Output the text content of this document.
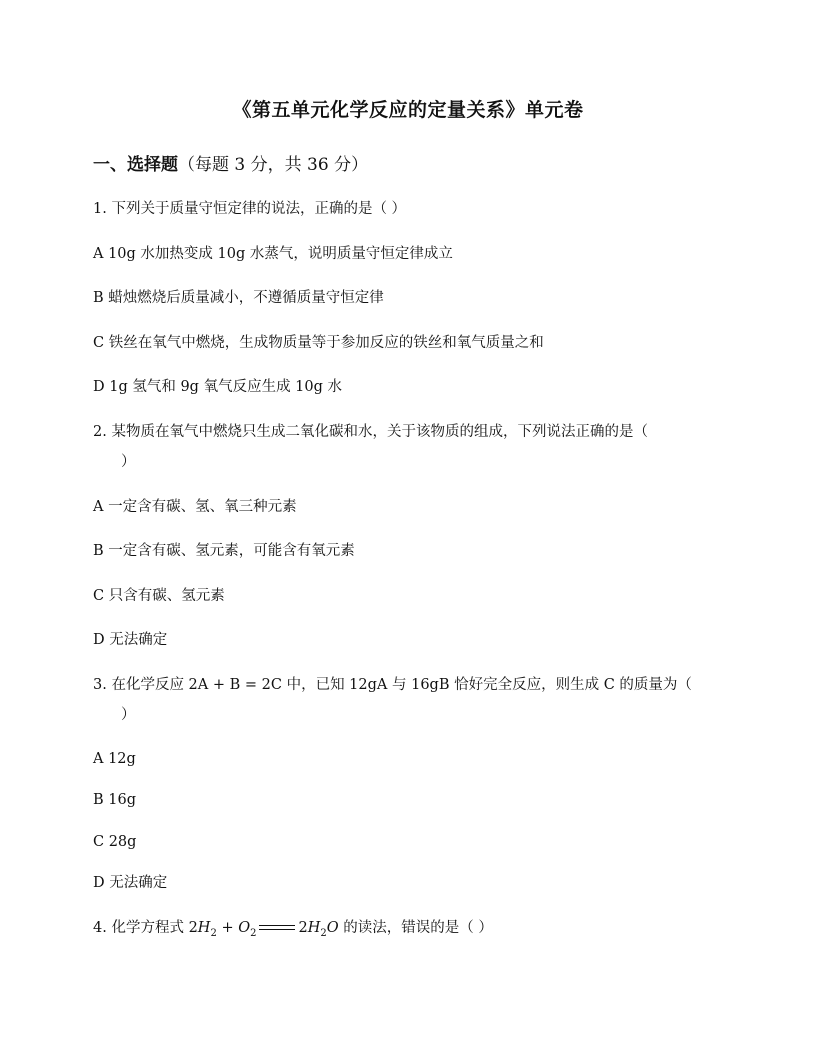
《第五单元化学反应的定量关系》单元卷
一、选择题（每题 3 分，共 36 分）
1. 下列关于质量守恒定律的说法，正确的是（ ）
A 10g 水加热变成 10g 水蒸气，说明质量守恒定律成立
B 蜡烛燃烧后质量减小，不遵循质量守恒定律
C 铁丝在氧气中燃烧，生成物质量等于参加反应的铁丝和氧气质量之和
D 1g 氢气和 9g 氧气反应生成 10g 水
2. 某物质在氧气中燃烧只生成二氧化碳和水，关于该物质的组成，下列说法正确的是（
）
A 一定含有碳、氢、氧三种元素
B 一定含有碳、氢元素，可能含有氧元素
C 只含有碳、氢元素
D 无法确定
3. 在化学反应 2A + B = 2C 中，已知 12gA 与 16gB 恰好完全反应，则生成 C 的质量为（
）
A 12g
B 16g
C 28g
D 无法确定
4. 化学方程式 $2H_2 + O_2$	$2H_2O$ 的读法，错误的是（ ）
